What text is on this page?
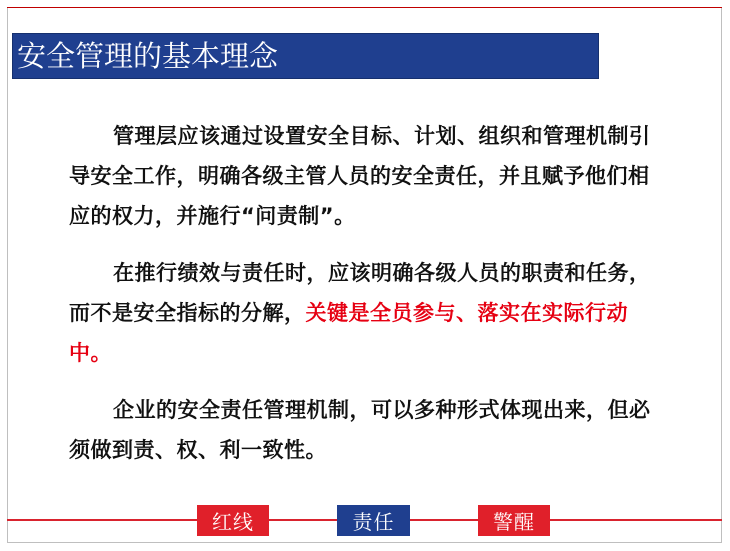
安全管理的基本理念

管理层应该通过设置安全目标、计划、组织和管理机制引导安全工作，明确各级主管人员的安全责任，并且赋予他们相应的权力，并施行“问责制”。

在推行绩效与责任时，应该明确各级人员的职责和任务，而不是安全指标的分解，关键是全员参与、落实在实际行动中。

企业的安全责任管理机制，可以多种形式体现出来，但必须做到责、权、利一致性。

红线	责任	警醒
